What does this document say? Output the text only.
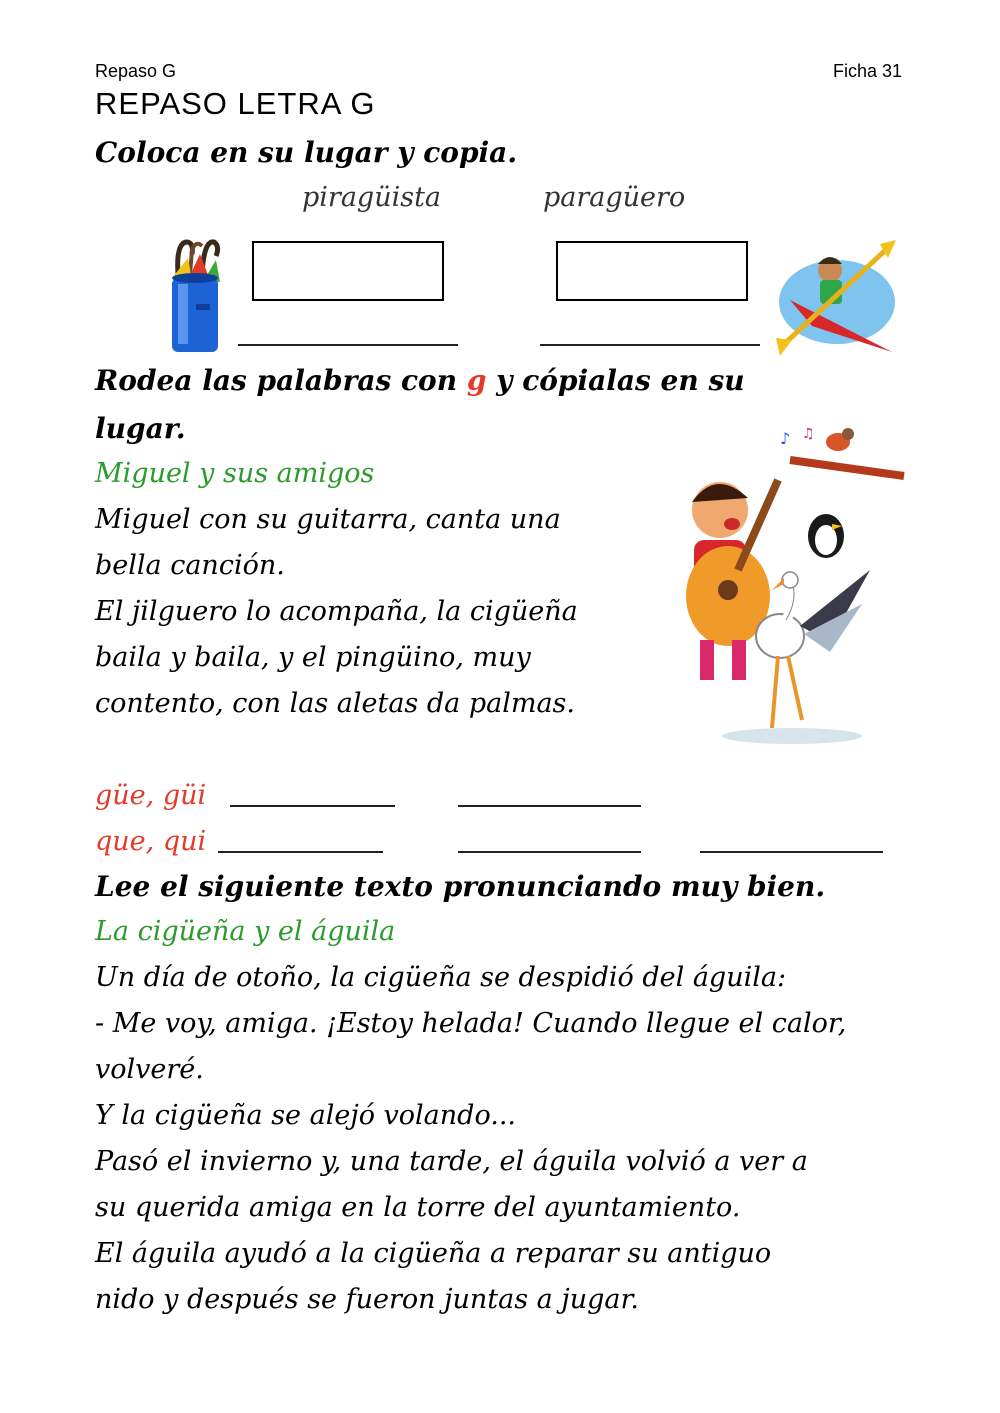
Repaso G	Ficha 31
REPASO LETRA G
Coloca en su lugar y copia.
piragüista	paragüero
Rodea las palabras con g y cópialas en su
lugar.
Miguel y sus amigos
Miguel con su guitarra, canta una
bella canción.
El jilguero lo acompaña, la cigüeña
baila y baila, y el pingüino, muy
contento, con las aletas da palmas.
♪ ♫
güe, güi
que, qui
Lee el siguiente texto pronunciando muy bien.
La cigüeña y el águila
Un día de otoño, la cigüeña se despidió del águila:
- Me voy, amiga. ¡Estoy helada! Cuando llegue el calor,
volveré.
Y la cigüeña se alejó volando...
Pasó el invierno y, una tarde, el águila volvió a ver a
su querida amiga en la torre del ayuntamiento.
El águila ayudó a la cigüeña a reparar su antiguo
nido y después se fueron juntas a jugar.
